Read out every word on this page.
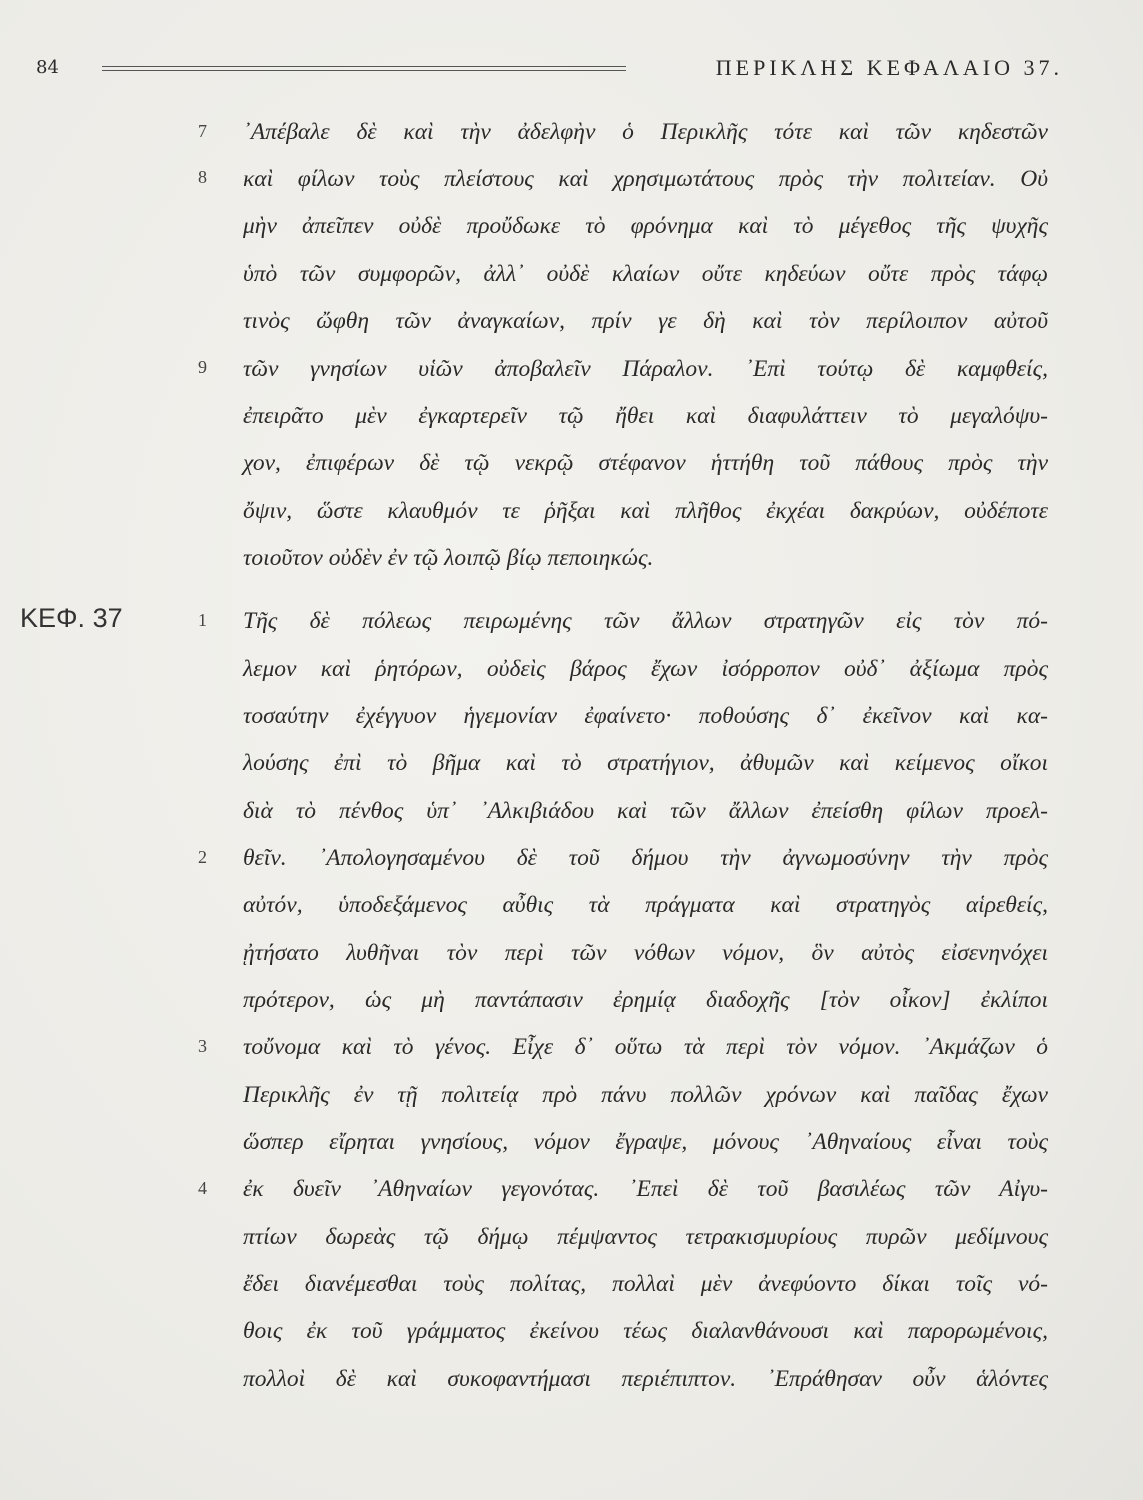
84	ΠΕΡΙΚΛΗΣ ΚΕΦΑΛΑΙΟ 37.
ΚΕΦ. 37
7
8
9
1
2
3
4
᾿Απέβαλε δὲ καὶ τὴν ἀδελφὴν ὁ Περικλῆς τότε καὶ τῶν κηδεστῶν
καὶ φίλων τοὺς πλείστους καὶ χρησιμωτάτους πρὸς τὴν πολιτείαν. Οὐ
μὴν ἀπεῖπεν οὐδὲ προὔδωκε τὸ φρόνημα καὶ τὸ μέγεθος τῆς ψυχῆς
ὑπὸ τῶν συμφορῶν, ἀλλ᾿ οὐδὲ κλαίων οὔτε κηδεύων οὔτε πρὸς τάφῳ
τινὸς ὤφθη τῶν ἀναγκαίων, πρίν γε δὴ καὶ τὸν περίλοιπον αὐτοῦ
τῶν γνησίων υἱῶν ἀποβαλεῖν Πάραλον. ᾿Επὶ τούτῳ δὲ καμφθείς,
ἐπειρᾶτο μὲν ἐγκαρτερεῖν τῷ ἤθει καὶ διαφυλάττειν τὸ μεγαλόψυ-
χον, ἐπιφέρων δὲ τῷ νεκρῷ στέφανον ἡττήθη τοῦ πάθους πρὸς τὴν
ὄψιν, ὥστε κλαυθμόν τε ῥῆξαι καὶ πλῆθος ἐκχέαι δακρύων, οὐδέποτε
τοιοῦτον οὐδὲν ἐν τῷ λοιπῷ βίῳ πεποιηκώς.
Τῆς δὲ πόλεως πειρωμένης τῶν ἄλλων στρατηγῶν εἰς τὸν πό-
λεμον καὶ ῥητόρων, οὐδεὶς βάρος ἔχων ἰσόρροπον οὐδ᾿ ἀξίωμα πρὸς
τοσαύτην ἐχέγγυον ἡγεμονίαν ἐφαίνετο· ποθούσης δ᾿ ἐκεῖνον καὶ κα-
λούσης ἐπὶ τὸ βῆμα καὶ τὸ στρατήγιον, ἀθυμῶν καὶ κείμενος οἴκοι
διὰ τὸ πένθος ὑπ᾿ ᾿Αλκιβιάδου καὶ τῶν ἄλλων ἐπείσθη φίλων προελ-
θεῖν. ᾿Απολογησαμένου δὲ τοῦ δήμου τὴν ἀγνωμοσύνην τὴν πρὸς
αὐτόν, ὑποδεξάμενος αὖθις τὰ πράγματα καὶ στρατηγὸς αἱρεθείς,
ᾐτήσατο λυθῆναι τὸν περὶ τῶν νόθων νόμον, ὃν αὐτὸς εἰσενηνόχει
πρότερον, ὡς μὴ παντάπασιν ἐρημίᾳ διαδοχῆς [τὸν οἶκον] ἐκλίποι
τοὔνομα καὶ τὸ γένος. Εἶχε δ᾿ οὕτω τὰ περὶ τὸν νόμον. ᾿Ακμάζων ὁ
Περικλῆς ἐν τῇ πολιτείᾳ πρὸ πάνυ πολλῶν χρόνων καὶ παῖδας ἔχων
ὥσπερ εἴρηται γνησίους, νόμον ἔγραψε, μόνους ᾿Αθηναίους εἶναι τοὺς
ἐκ δυεῖν ᾿Αθηναίων γεγονότας. ᾿Επεὶ δὲ τοῦ βασιλέως τῶν Αἰγυ-
πτίων δωρεὰς τῷ δήμῳ πέμψαντος τετρακισμυρίους πυρῶν μεδίμνους
ἔδει διανέμεσθαι τοὺς πολίτας, πολλαὶ μὲν ἀνεφύοντο δίκαι τοῖς νό-
θοις ἐκ τοῦ γράμματος ἐκείνου τέως διαλανθάνουσι καὶ παρορωμένοις,
πολλοὶ δὲ καὶ συκοφαντήμασι περιέπιπτον. ᾿Επράθησαν οὖν ἁλόντες
